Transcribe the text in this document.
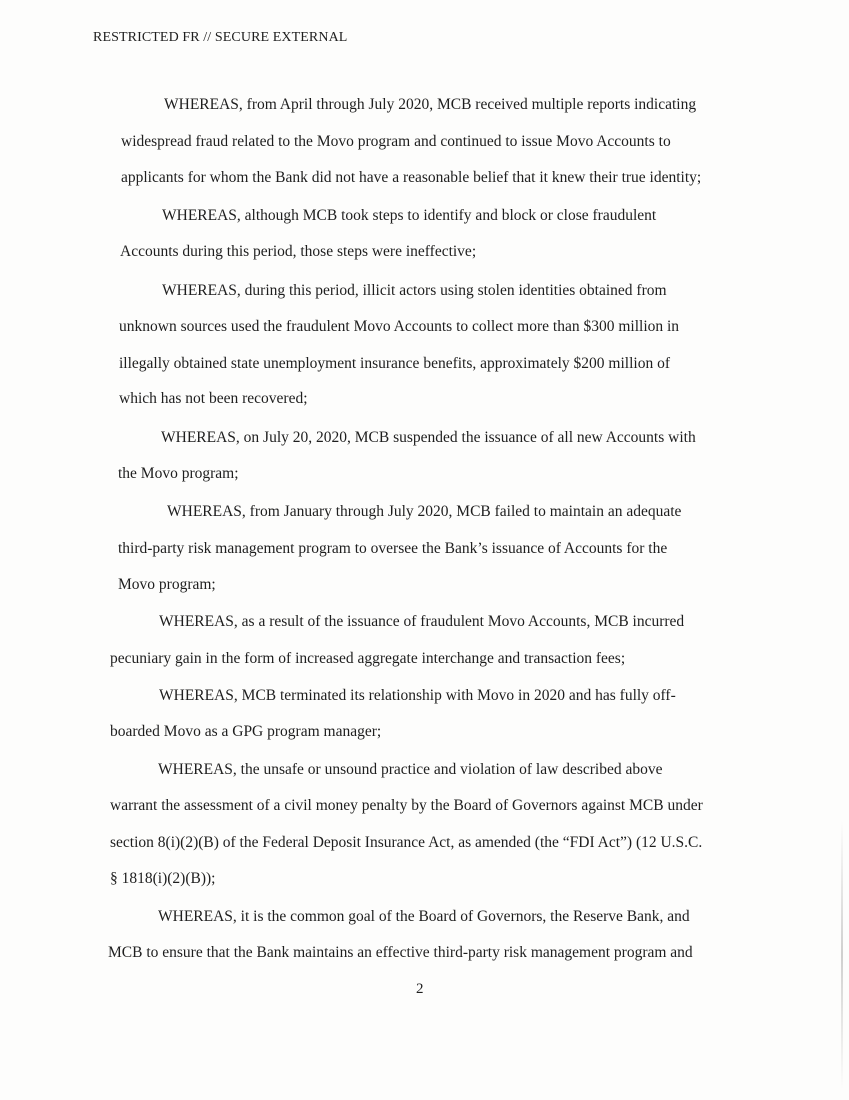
RESTRICTED FR // SECURE EXTERNAL
WHEREAS, from April through July 2020, MCB received multiple reports indicating
widespread fraud related to the Movo program and continued to issue Movo Accounts to
applicants for whom the Bank did not have a reasonable belief that it knew their true identity;
WHEREAS, although MCB took steps to identify and block or close fraudulent
Accounts during this period, those steps were ineffective;
WHEREAS, during this period, illicit actors using stolen identities obtained from
unknown sources used the fraudulent Movo Accounts to collect more than $300 million in
illegally obtained state unemployment insurance benefits, approximately $200 million of
which has not been recovered;
WHEREAS, on July 20, 2020, MCB suspended the issuance of all new Accounts with
the Movo program;
WHEREAS, from January through July 2020, MCB failed to maintain an adequate
third-party risk management program to oversee the Bank’s issuance of Accounts for the
Movo program;
WHEREAS, as a result of the issuance of fraudulent Movo Accounts, MCB incurred
pecuniary gain in the form of increased aggregate interchange and transaction fees;
WHEREAS, MCB terminated its relationship with Movo in 2020 and has fully off-
boarded Movo as a GPG program manager;
WHEREAS, the unsafe or unsound practice and violation of law described above
warrant the assessment of a civil money penalty by the Board of Governors against MCB under
section 8(i)(2)(B) of the Federal Deposit Insurance Act, as amended (the “FDI Act”) (12 U.S.C.
§ 1818(i)(2)(B));
WHEREAS, it is the common goal of the Board of Governors, the Reserve Bank, and
MCB to ensure that the Bank maintains an effective third-party risk management program and
2
